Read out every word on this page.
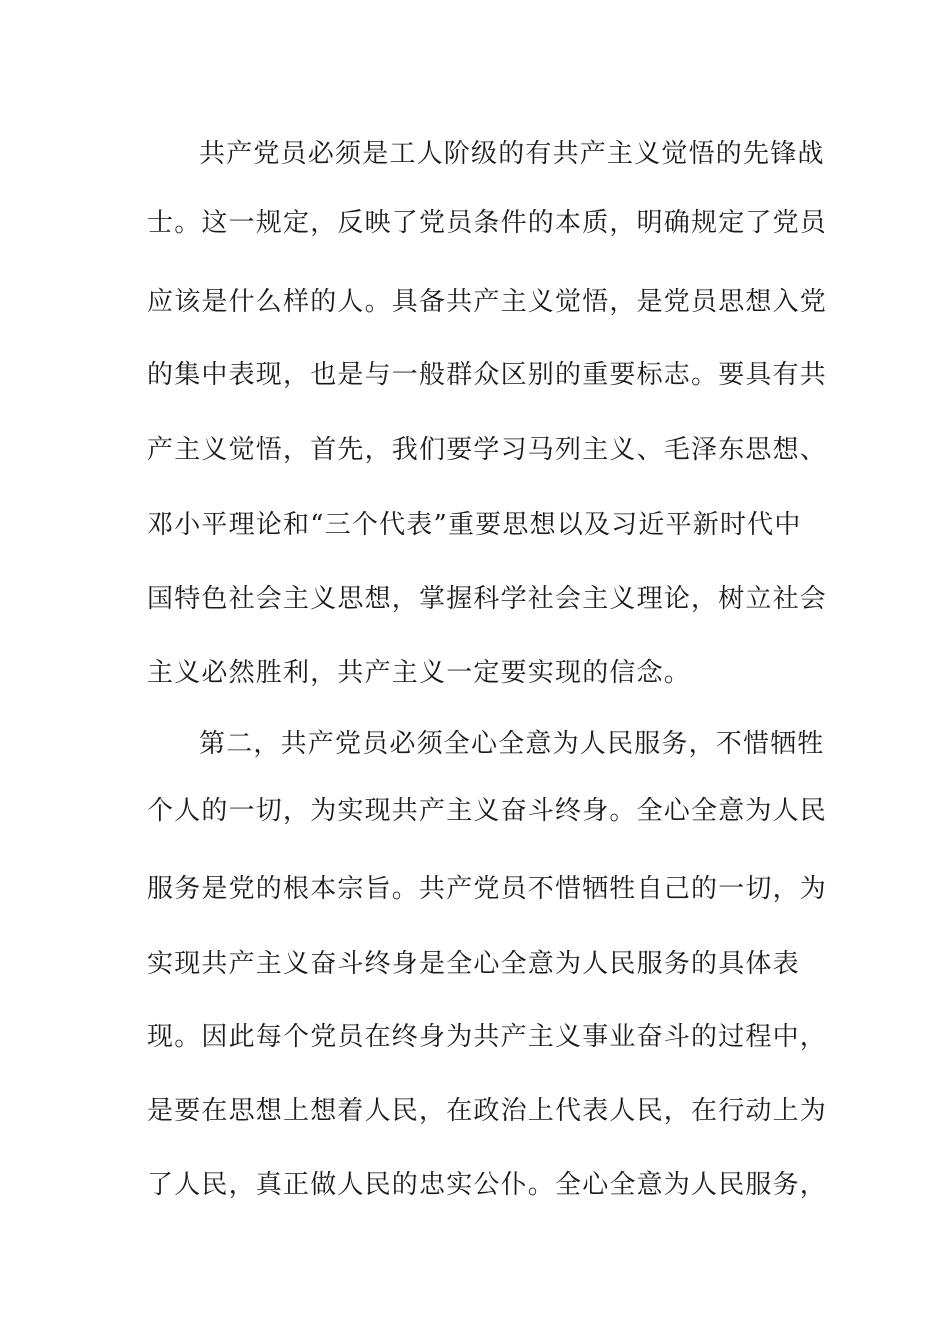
共产党员必须是工人阶级的有共产主义觉悟的先锋战
士。这一规定，反映了党员条件的本质，明确规定了党员
应该是什么样的人。具备共产主义觉悟，是党员思想入党
的集中表现，也是与一般群众区别的重要标志。要具有共
产主义觉悟，首先，我们要学习马列主义、毛泽东思想、
邓小平理论和“三个代表”重要思想以及习近平新时代中
国特色社会主义思想，掌握科学社会主义理论，树立社会
主义必然胜利，共产主义一定要实现的信念。
第二，共产党员必须全心全意为人民服务，不惜牺牲
个人的一切，为实现共产主义奋斗终身。全心全意为人民
服务是党的根本宗旨。共产党员不惜牺牲自己的一切，为
实现共产主义奋斗终身是全心全意为人民服务的具体表
现。因此每个党员在终身为共产主义事业奋斗的过程中，
是要在思想上想着人民，在政治上代表人民，在行动上为
了人民，真正做人民的忠实公仆。全心全意为人民服务，
